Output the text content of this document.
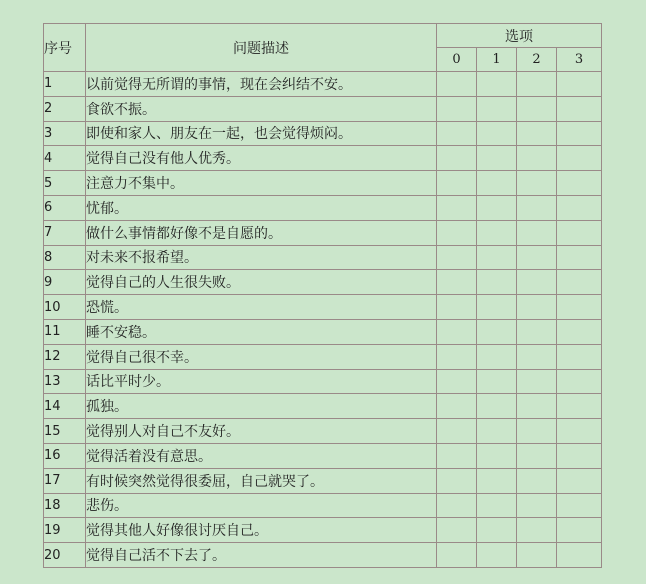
序号	问题描述	选项			
		0	1	2	3
1	以前觉得无所谓的事情，现在会纠结不安。				
2	食欲不振。				
3	即使和家人、朋友在一起，也会觉得烦闷。				
4	觉得自己没有他人优秀。				
5	注意力不集中。				
6	忧郁。				
7	做什么事情都好像不是自愿的。				
8	对未来不报希望。				
9	觉得自己的人生很失败。				
10	恐慌。				
11	睡不安稳。				
12	觉得自己很不幸。				
13	话比平时少。				
14	孤独。				
15	觉得别人对自己不友好。				
16	觉得活着没有意思。				
17	有时候突然觉得很委屈，自己就哭了。				
18	悲伤。				
19	觉得其他人好像很讨厌自己。				
20	觉得自己活不下去了。				
